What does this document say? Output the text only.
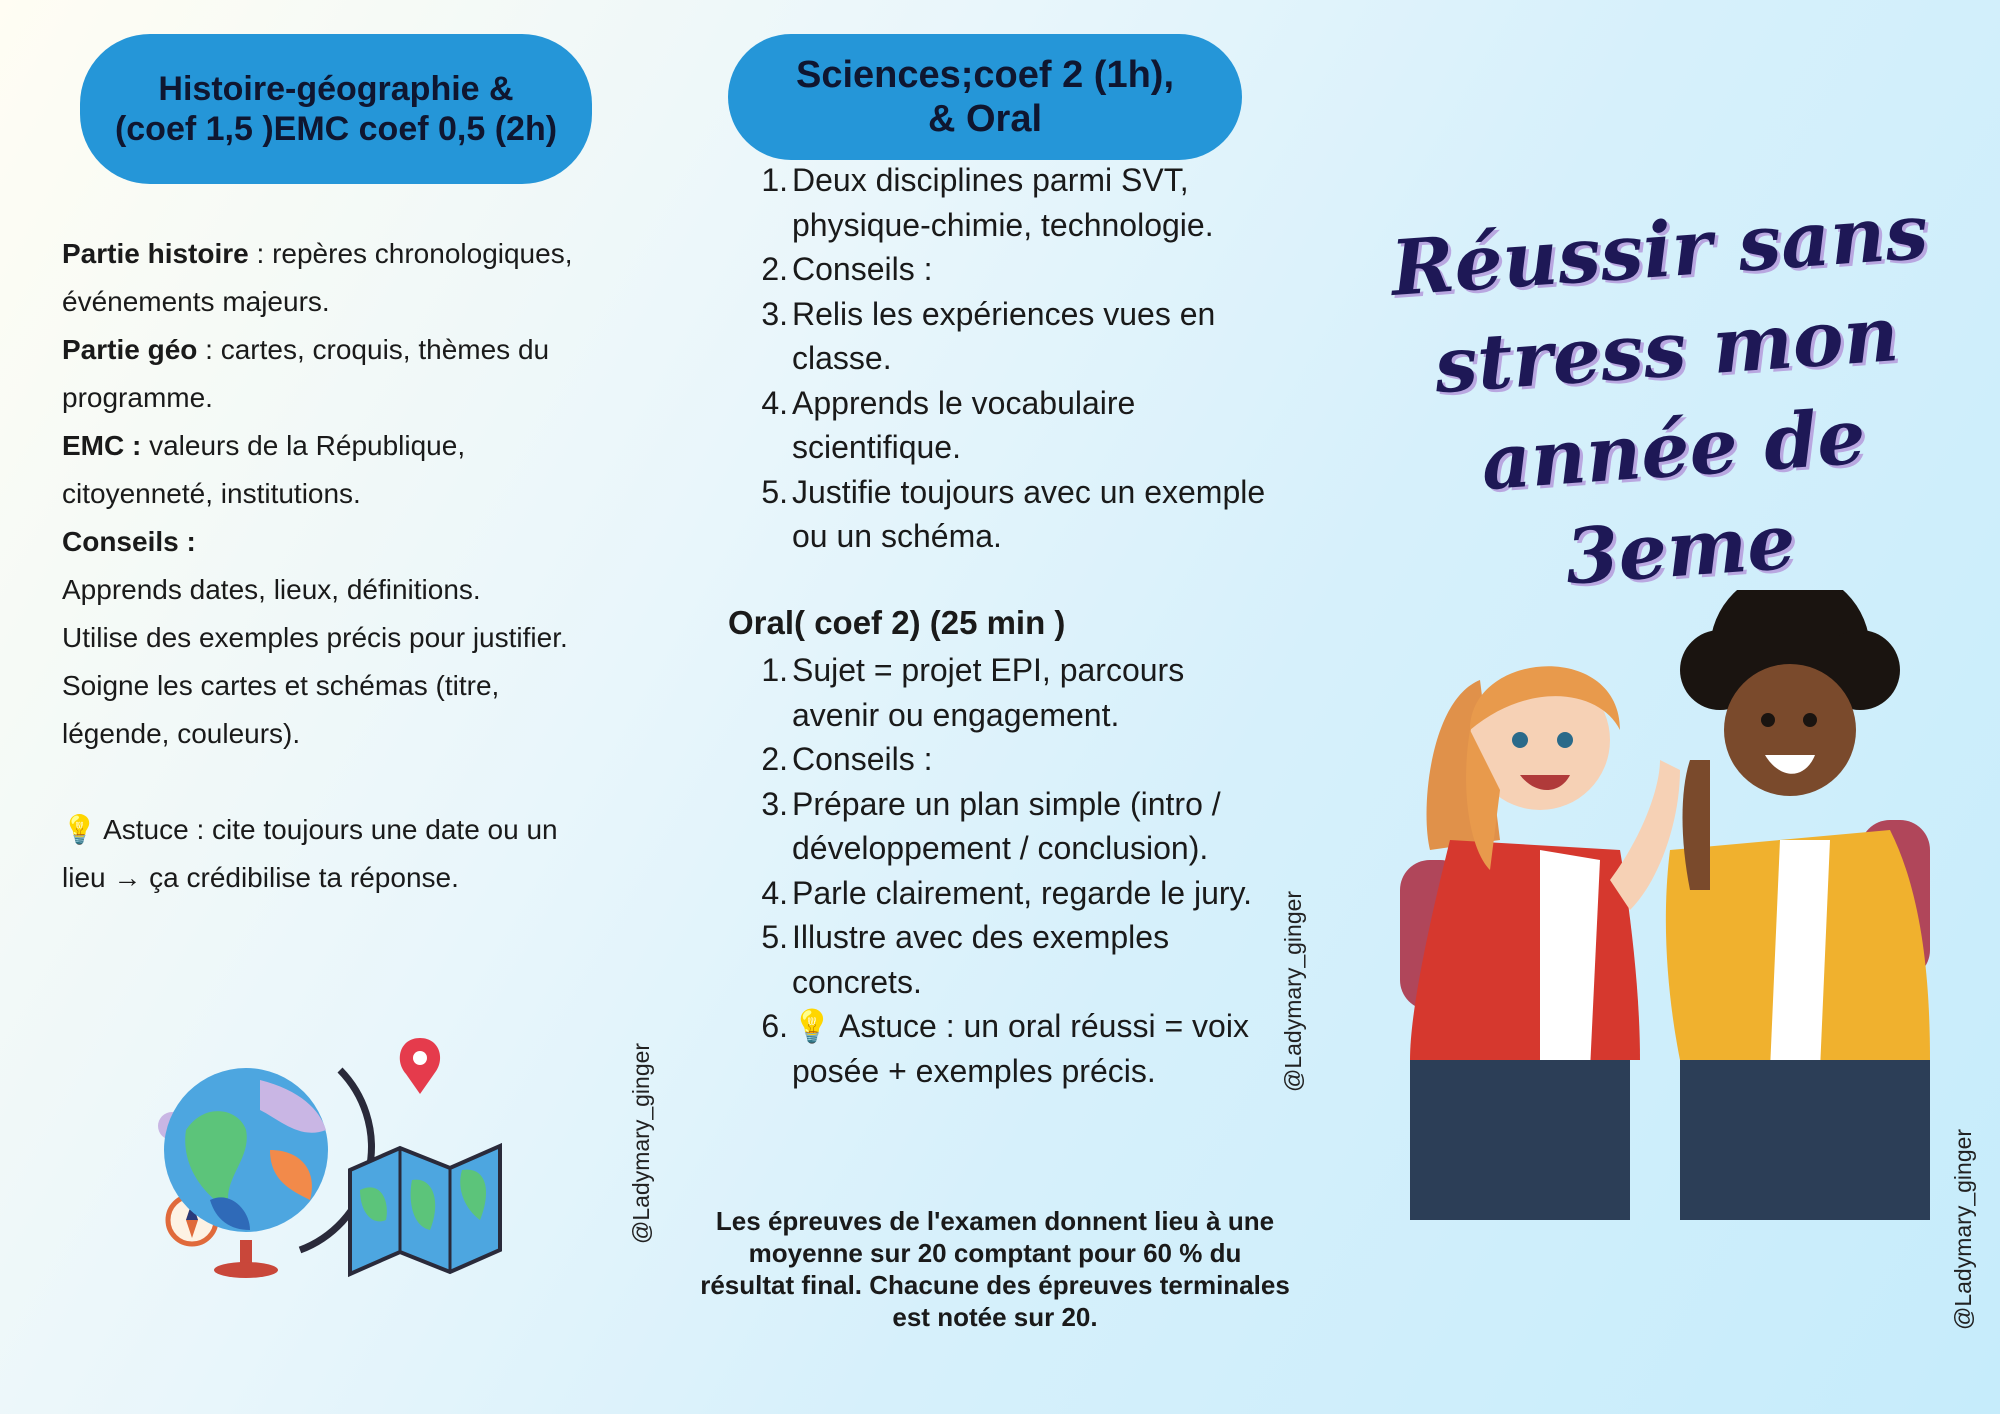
Histoire-géographie &
(coef 1,5 )EMC coef 0,5 (2h)

Partie histoire : repères chronologiques, événements majeurs.

Partie géo : cartes, croquis, thèmes du programme.

EMC : valeurs de la République, citoyenneté, institutions.

Conseils :

Apprends dates, lieux, définitions.

Utilise des exemples précis pour justifier.

Soigne les cartes et schémas (titre, légende, couleurs).

💡 Astuce : cite toujours une date ou un lieu → ça crédibilise ta réponse.

@Ladymary_ginger
Sciences;coef 2 (1h),
& Oral
1. Deux disciplines parmi SVT, physique-chimie, technologie.
2. Conseils :
3. Relis les expériences vues en classe.
4. Apprends le vocabulaire scientifique.
5. Justifie toujours avec un exemple ou un schéma.
Oral( coef 2) (25 min )
1. Sujet = projet EPI, parcours avenir ou engagement.
2. Conseils :
3. Prépare un plan simple (intro / développement / conclusion).
4. Parle clairement, regarde le jury.
5. Illustre avec des exemples concrets.
6. 💡 Astuce : un oral réussi = voix posée + exemples précis.
Les épreuves de l'examen donnent lieu à une moyenne sur 20 comptant pour 60 % du résultat final. Chacune des épreuves terminales est notée sur 20.
@Ladymary_ginger
Réussir sans
stress mon
année de 3eme
@Ladymary_ginger
